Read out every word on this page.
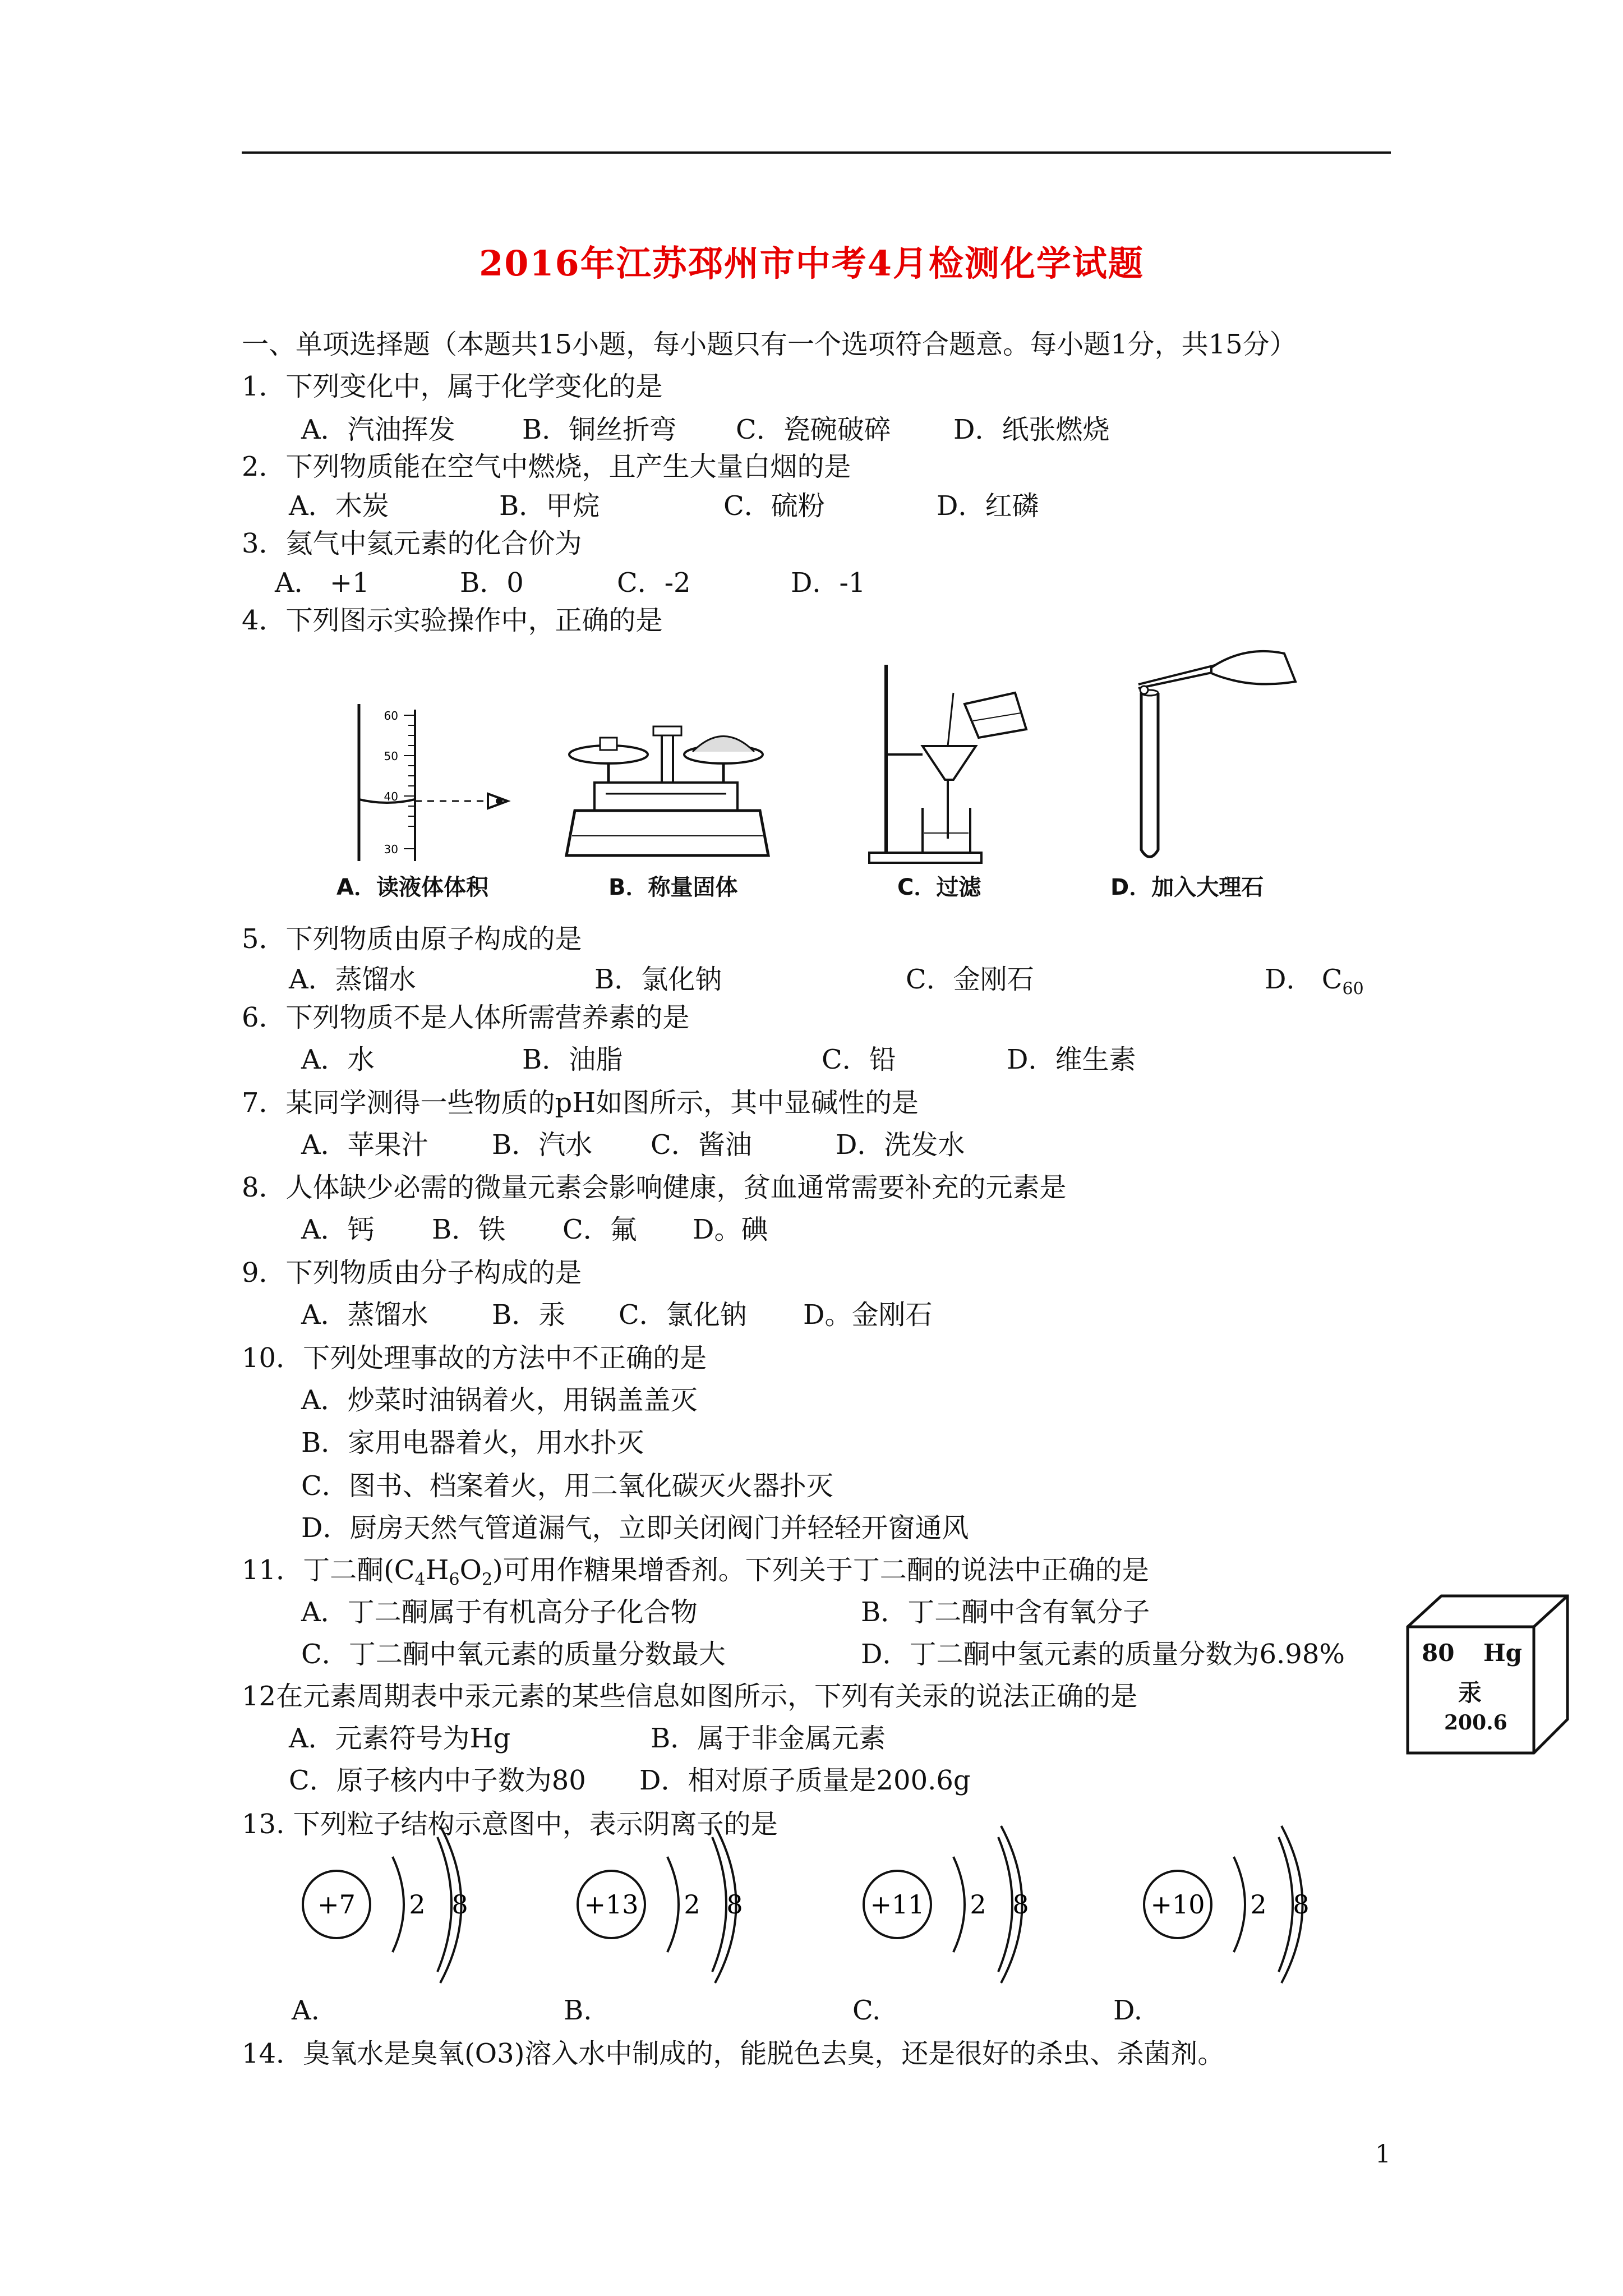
2016年江苏邳州市中考4月检测化学试题
一、单项选择题（本题共15小题，每小题只有一个选项符合题意。每小题1分，共15分）
1．下列变化中，属于化学变化的是
A．汽油挥发 B．铜丝折弯 C．瓷碗破碎 D．纸张燃烧
2．下列物质能在空气中燃烧，且产生大量白烟的是
A．木炭	B．甲烷	C．硫粉	D．红磷
3．氦气中氦元素的化合价为
A． +1	B．0	C．-2	D．-1
4．下列图示实验操作中，正确的是
60
50
40
30
A．读液体体积	B．称量固体	C．过滤	D．加入大理石
5．下列物质由原子构成的是
A．蒸馏水	B．氯化钠	C．金刚石	D． $C_{60}$
6．下列物质不是人体所需营养素的是
A．水	B．油脂	C．铅	D．维生素
7．某同学测得一些物质的pH如图所示，其中显碱性的是
A．苹果汁 B．汽水 C．酱油	D．洗发水
8．人体缺少必需的微量元素会影响健康，贫血通常需要补充的元素是
A．钙 B．铁 C．氟 D。碘
9．下列物质由分子构成的是
A．蒸馏水 B．汞 C．氯化钠 D。金刚石
10．下列处理事故的方法中不正确的是
A．炒菜时油锅着火，用锅盖盖灭
B．家用电器着火，用水扑灭
C．图书、档案着火，用二氧化碳灭火器扑灭
D．厨房天然气管道漏气，立即关闭阀门并轻轻开窗通风
11．丁二酮$(C_4H_6O_2)$可用作糖果增香剂。下列关于丁二酮的说法中正确的是
A．丁二酮属于有机高分子化合物	B．丁二酮中含有氧分子
C．丁二酮中氧元素的质量分数最大	D．丁二酮中氢元素的质量分数为6.98%	80 Hg
汞
200.6
12在元素周期表中汞元素的某些信息如图所示，下列有关汞的说法正确的是
A．元素符号为Hg	B．属于非金属元素
C．原子核内中子数为80 D．相对原子质量是200.6g
13. 下列粒子结构示意图中，表示阴离子的是
+7 2 8	+13 2 8	+11 2 8	+10 2 8
A.	B.	C.	D.
14．臭氧水是臭氧(O3)溶入水中制成的，能脱色去臭，还是很好的杀虫、杀菌剂。
1
